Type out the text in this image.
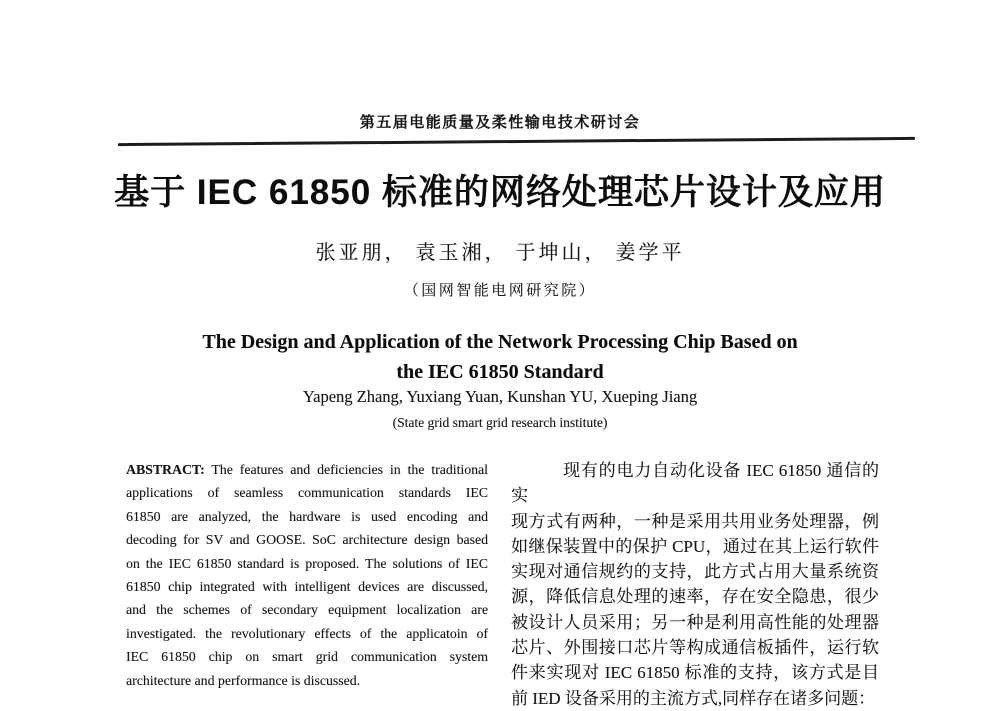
第五届电能质量及柔性输电技术研讨会
基于 IEC 61850 标准的网络处理芯片设计及应用
张亚朋， 袁玉湘， 于坤山， 姜学平
（国网智能电网研究院）
The Design and Application of the Network Processing Chip Based on
the IEC 61850 Standard
Yapeng Zhang, Yuxiang Yuan, Kunshan YU, Xueping Jiang
(State grid smart grid research institute)
ABSTRACT: The features and deficiencies in the traditional
applications of seamless communication standards IEC
61850 are analyzed, the hardware is used encoding and
decoding for SV and GOOSE. SoC architecture design based
on the IEC 61850 standard is proposed. The solutions of IEC
61850 chip integrated with intelligent devices are discussed,
and the schemes of secondary equipment localization are
investigated. the revolutionary effects of the applicatoin of
IEC 61850 chip on smart grid communication system
architecture and performance is discussed.
现有的电力自动化设备 IEC 61850 通信的实
现方式有两种，一种是采用共用业务处理器，例
如继保装置中的保护 CPU，通过在其上运行软件
实现对通信规约的支持，此方式占用大量系统资
源，降低信息处理的速率，存在安全隐患，很少
被设计人员采用；另一种是利用高性能的处理器
芯片、外围接口芯片等构成通信板插件，运行软
件来实现对 IEC 61850 标准的支持，该方式是目
前 IED 设备采用的主流方式,同样存在诸多问题：
